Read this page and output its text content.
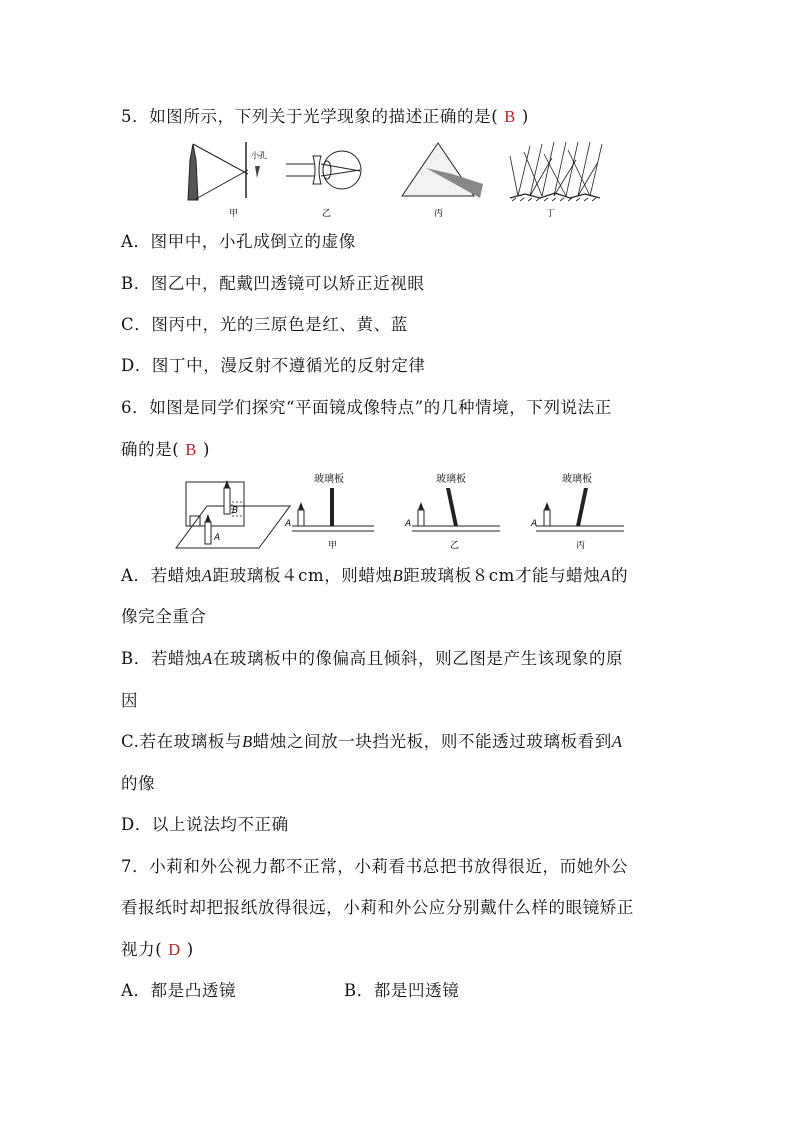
5．如图所示，下列关于光学现象的描述正确的是( B )
小孔
甲	乙	丙	丁
A．图甲中，小孔成倒立的虚像
B．图乙中，配戴凹透镜可以矫正近视眼
C．图丙中，光的三原色是红、黄、蓝
D．图丁中，漫反射不遵循光的反射定律
6．如图是同学们探究“平面镜成像特点”的几种情境，下列说法正
确的是( B )
B
A
玻璃板
A
甲
玻璃板
A
乙
玻璃板
A
丙
A．若蜡烛A距玻璃板４cm，则蜡烛B距玻璃板８cm才能与蜡烛A的
像完全重合
B．若蜡烛A在玻璃板中的像偏高且倾斜，则乙图是产生该现象的原
因
C.若在玻璃板与B蜡烛之间放一块挡光板，则不能透过玻璃板看到A
的像
D．以上说法均不正确
7．小莉和外公视力都不正常，小莉看书总把书放得很近，而她外公
看报纸时却把报纸放得很远，小莉和外公应分别戴什么样的眼镜矫正
视力( D )
A．都是凸透镜	B．都是凹透镜
